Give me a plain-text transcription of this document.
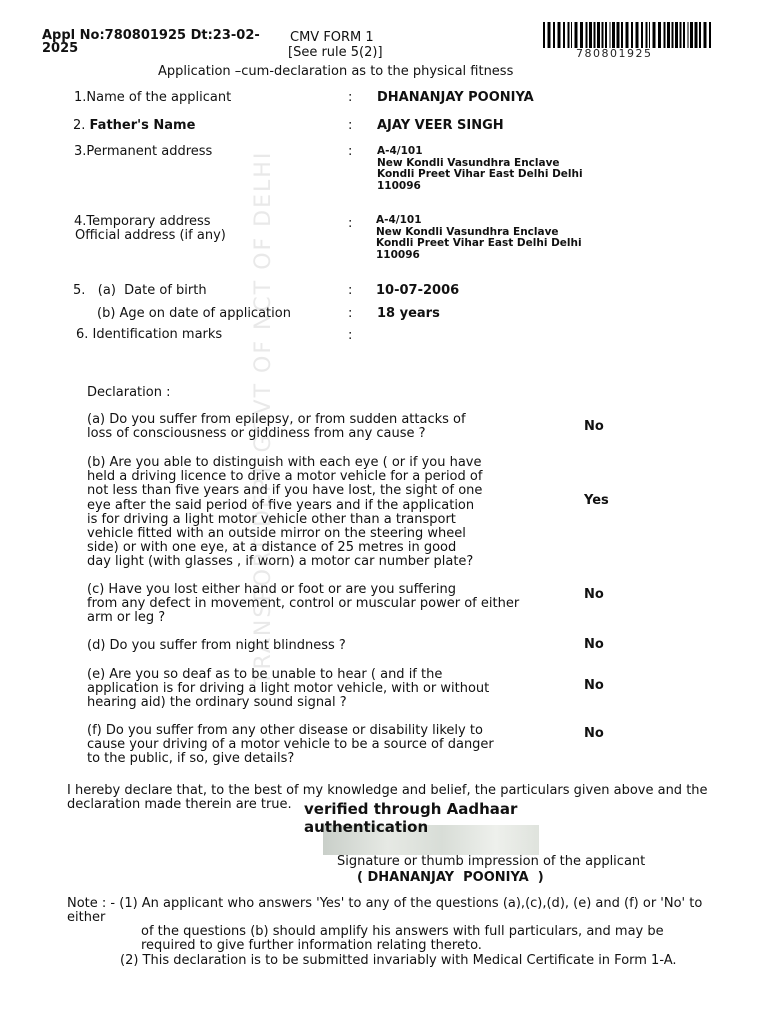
TRANSPORT DEPT GOVT OF NCT OF DELHI
Appl No:780801925 Dt:23-02-
2025
CMV FORM 1
[See rule 5(2)]	780801925
Application –cum-declaration as to the physical fitness
1.Name of the applicant	: DHANANJAY POONIYA
2. Father's Name	: AJAY VEER SINGH
3.Permanent address	: A-4/101
New Kondli Vasundhra Enclave
Kondli Preet Vihar East Delhi Delhi
110096
4.Temporary address
Official address (if any)
: A-4/101
New Kondli Vasundhra Enclave
Kondli Preet Vihar East Delhi Delhi
110096
5.   (a)  Date of birth	: 10-07-2006
(b) Age on date of application	: 18 years
6. Identification marks	:
Declaration :
(a) Do you suffer from epilepsy, or from sudden attacks of
loss of consciousness or giddiness from any cause ?	No
(b) Are you able to distinguish with each eye ( or if you have
held a driving licence to drive a motor vehicle for a period of
not less than five years and if you have lost, the sight of one
eye after the said period of five years and if the application
is for driving a light motor vehicle other than a transport
vehicle fitted with an outside mirror on the steering wheel
side) or with one eye, at a distance of 25 metres in good
day light (with glasses , if worn) a motor car number plate?
Yes
(c) Have you lost either hand or foot or are you suffering
from any defect in movement, control or muscular power of either
arm or leg ?
No
(d) Do you suffer from night blindness ?	No
(e) Are you so deaf as to be unable to hear ( and if the
application is for driving a light motor vehicle, with or without
hearing aid) the ordinary sound signal ?
No
(f) Do you suffer from any other disease or disability likely to
cause your driving of a motor vehicle to be a source of danger
to the public, if so, give details?
No
I hereby declare that, to the best of my knowledge and belief, the particulars given above and the
declaration made therein are true. verified through Aadhaar
authentication
Signature or thumb impression of the applicant
( DHANANJAY  POONIYA  )
Note : - (1) An applicant who answers 'Yes' to any of the questions (a),(c),(d), (e) and (f) or 'No' to
either
of the questions (b) should amplify his answers with full particulars, and may be
required to give further information relating thereto.
(2) This declaration is to be submitted invariably with Medical Certificate in Form 1-A.
